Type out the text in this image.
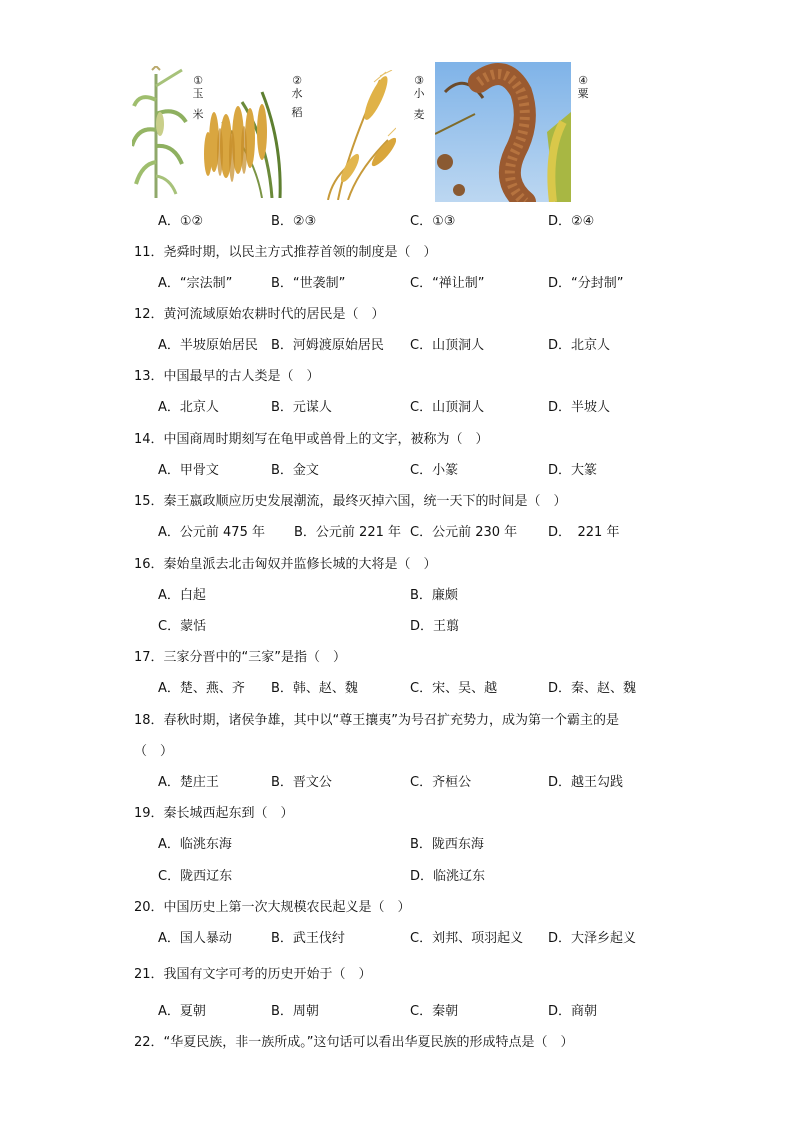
①
玉
米
②
水
稻
③
小
麦
④
粟
A．①②	B．②③	C．①③	D．②④
11．尧舜时期，以民主方式推荐首领的制度是（　）
A．“宗法制”	B．“世袭制”	C．“禅让制”	D．“分封制”
12．黄河流域原始农耕时代的居民是（　）
A．半坡原始居民 B．河姆渡原始居民 C．山顶洞人	D．北京人
13．中国最早的古人类是（　）
A．北京人	B．元谋人	C．山顶洞人	D．半坡人
14．中国商周时期刻写在龟甲或兽骨上的文字，被称为（　）
A．甲骨文	B．金文	C．小篆	D．大篆
15．秦王嬴政顺应历史发展潮流，最终灭掉六国，统一天下的时间是（　）
A．公元前 475 年 B．公元前 221 年 C．公元前 230 年 D．　221 年
16．秦始皇派去北击匈奴并监修长城的大将是（　）
A．白起	B．廉颇
C．蒙恬	D．王翦
17．三家分晋中的“三家”是指（　）
A．楚、燕、齐 B．韩、赵、魏	C．宋、吴、越	D．秦、赵、魏
18．春秋时期，诸侯争雄，其中以“尊王攘夷”为号召扩充势力，成为第一个霸主的是
（　）
A．楚庄王	B．晋文公	C．齐桓公	D．越王勾践
19．秦长城西起东到（　）
A．临洮东海	B．陇西东海
C．陇西辽东	D．临洮辽东
20．中国历史上第一次大规模农民起义是（　）
A．国人暴动	B．武王伐纣	C．刘邦、项羽起义 D．大泽乡起义
21．我国有文字可考的历史开始于（　）
A．夏朝	B．周朝	C．秦朝	D．商朝
22．“华夏民族，非一族所成。”这句话可以看出华夏民族的形成特点是（　）
